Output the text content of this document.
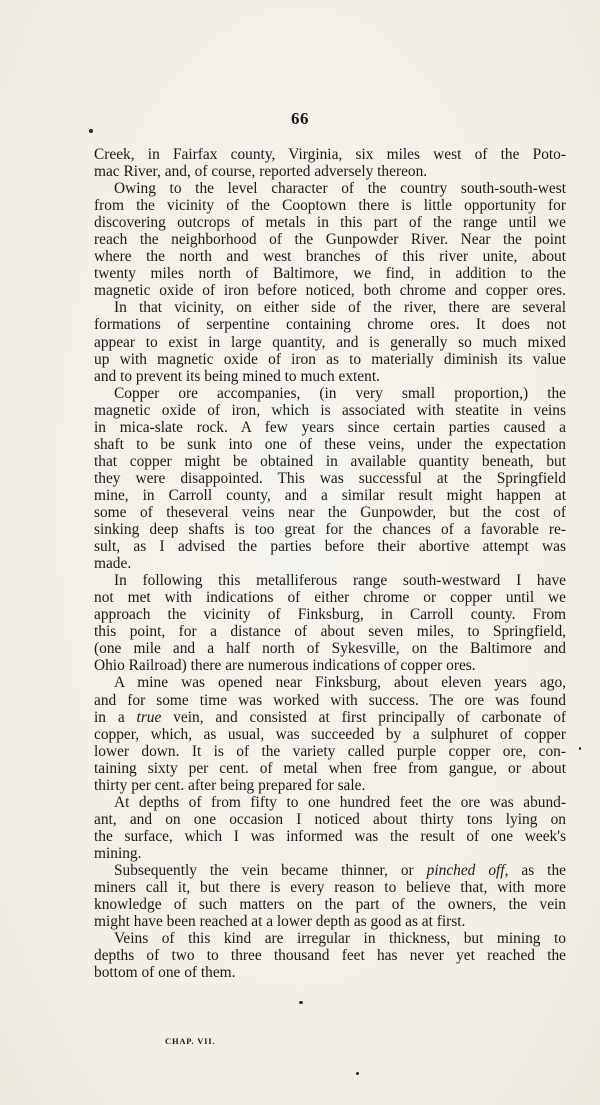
66
Creek, in Fairfax county, Virginia, six miles west of the Poto-
mac River, and, of course, reported adversely thereon.
Owing to the level character of the country south-south-west
from the vicinity of the Cooptown there is little opportunity for
discovering outcrops of metals in this part of the range until we
reach the neighborhood of the Gunpowder River. Near the point
where the north and west branches of this river unite, about
twenty miles north of Baltimore, we find, in addition to the
magnetic oxide of iron before noticed, both chrome and copper ores.
In that vicinity, on either side of the river, there are several
formations of serpentine containing chrome ores. It does not
appear to exist in large quantity, and is generally so much mixed
up with magnetic oxide of iron as to materially diminish its value
and to prevent its being mined to much extent.
Copper ore accompanies, (in very small proportion,) the
magnetic oxide of iron, which is associated with steatite in veins
in mica-slate rock. A few years since certain parties caused a
shaft to be sunk into one of these veins, under the expectation
that copper might be obtained in available quantity beneath, but
they were disappointed. This was successful at the Springfield
mine, in Carroll county, and a similar result might happen at
some of theseveral veins near the Gunpowder, but the cost of
sinking deep shafts is too great for the chances of a favorable re-
sult, as I advised the parties before their abortive attempt was
made.
In following this metalliferous range south-westward I have
not met with indications of either chrome or copper until we
approach the vicinity of Finksburg, in Carroll county. From
this point, for a distance of about seven miles, to Springfield,
(one mile and a half north of Sykesville, on the Baltimore and
Ohio Railroad) there are numerous indications of copper ores.
A mine was opened near Finksburg, about eleven years ago,
and for some time was worked with success. The ore was found
in a true vein, and consisted at first principally of carbonate of
copper, which, as usual, was succeeded by a sulphuret of copper
lower down. It is of the variety called purple copper ore, con-
taining sixty per cent. of metal when free from gangue, or about
thirty per cent. after being prepared for sale.
At depths of from fifty to one hundred feet the ore was abund-
ant, and on one occasion I noticed about thirty tons lying on
the surface, which I was informed was the result of one week's
mining.
Subsequently the vein became thinner, or pinched off, as the
miners call it, but there is every reason to believe that, with more
knowledge of such matters on the part of the owners, the vein
might have been reached at a lower depth as good as at first.
Veins of this kind are irregular in thickness, but mining to
depths of two to three thousand feet has never yet reached the
bottom of one of them.
CHAP. VII.
